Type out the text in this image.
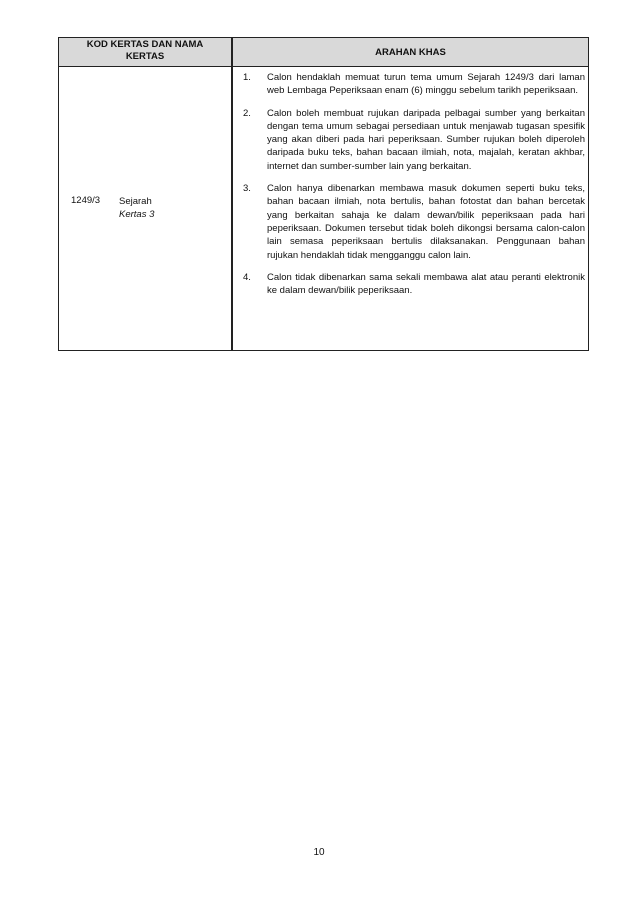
KOD KERTAS DAN NAMA
KERTAS	ARAHAN KHAS
1249/3 Sejarah
Kertas 3
1. Calon hendaklah memuat turun tema umum Sejarah 1249/3 dari laman web Lembaga Peperiksaan enam (6) minggu sebelum tarikh peperiksaan.
2. Calon boleh membuat rujukan daripada pelbagai sumber yang berkaitan dengan tema umum sebagai persediaan untuk menjawab tugasan spesifik yang akan diberi pada hari peperiksaan. Sumber rujukan boleh diperoleh daripada buku teks, bahan bacaan ilmiah, nota, majalah, keratan akhbar, internet dan sumber-sumber lain yang berkaitan.
3. Calon hanya dibenarkan membawa masuk dokumen seperti buku teks, bahan bacaan ilmiah, nota bertulis, bahan fotostat dan bahan bercetak yang berkaitan sahaja ke dalam dewan/bilik peperiksaan pada hari peperiksaan. Dokumen tersebut tidak boleh dikongsi bersama calon-calon lain semasa peperiksaan bertulis dilaksanakan. Penggunaan bahan rujukan hendaklah tidak mengganggu calon lain.
4. Calon tidak dibenarkan sama sekali membawa alat atau peranti elektronik ke dalam dewan/bilik peperiksaan.
10
